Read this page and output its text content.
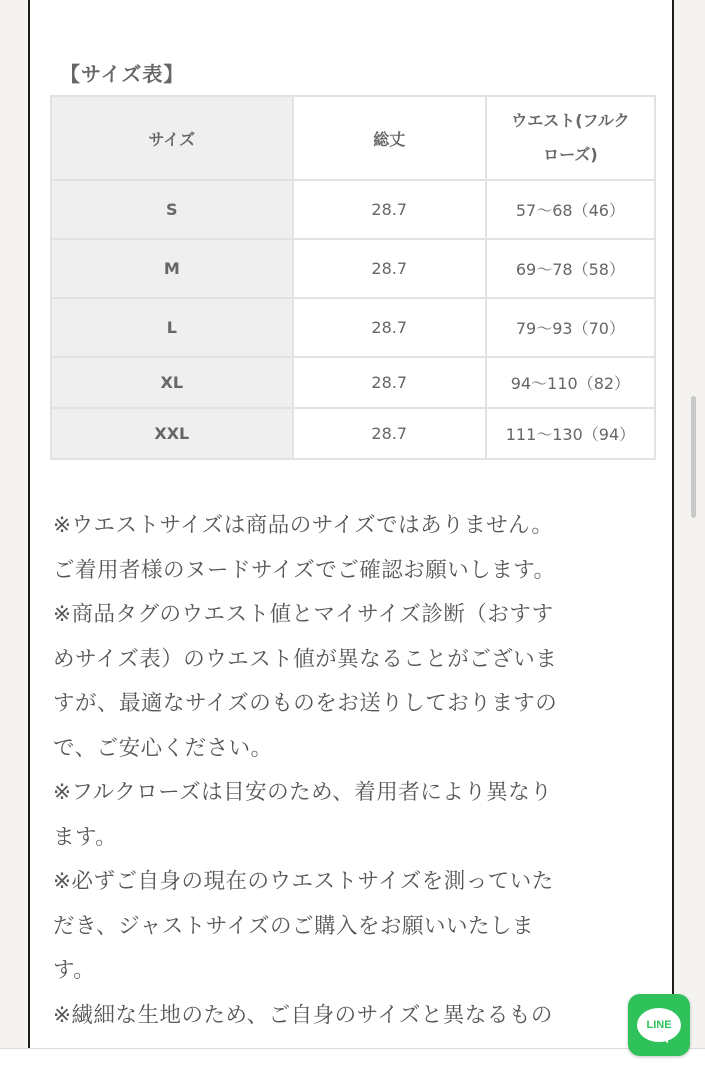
【サイズ表】
サイズ	総丈	ウエスト(フルク
ローズ)

S	28.7	57〜68（46）
M	28.7	69〜78（58）
L	28.7	79〜93（70）
XL	28.7	94〜110（82）
XXL	28.7	111〜130（94）

※ウエストサイズは商品のサイズではありません。

ご着用者様のヌードサイズでご確認お願いします。

※商品タグのウエスト値とマイサイズ診断（おすす

めサイズ表）のウエスト値が異なることがございま

すが、最適なサイズのものをお送りしておりますの

で、ご安心ください。

※フルクローズは目安のため、着用者により異なり

ます。

※必ずご自身の現在のウエストサイズを測っていた

だき、ジャストサイズのご購入をお願いいたしま

す。

※繊細な生地のため、ご自身のサイズと異なるもの	LINE
